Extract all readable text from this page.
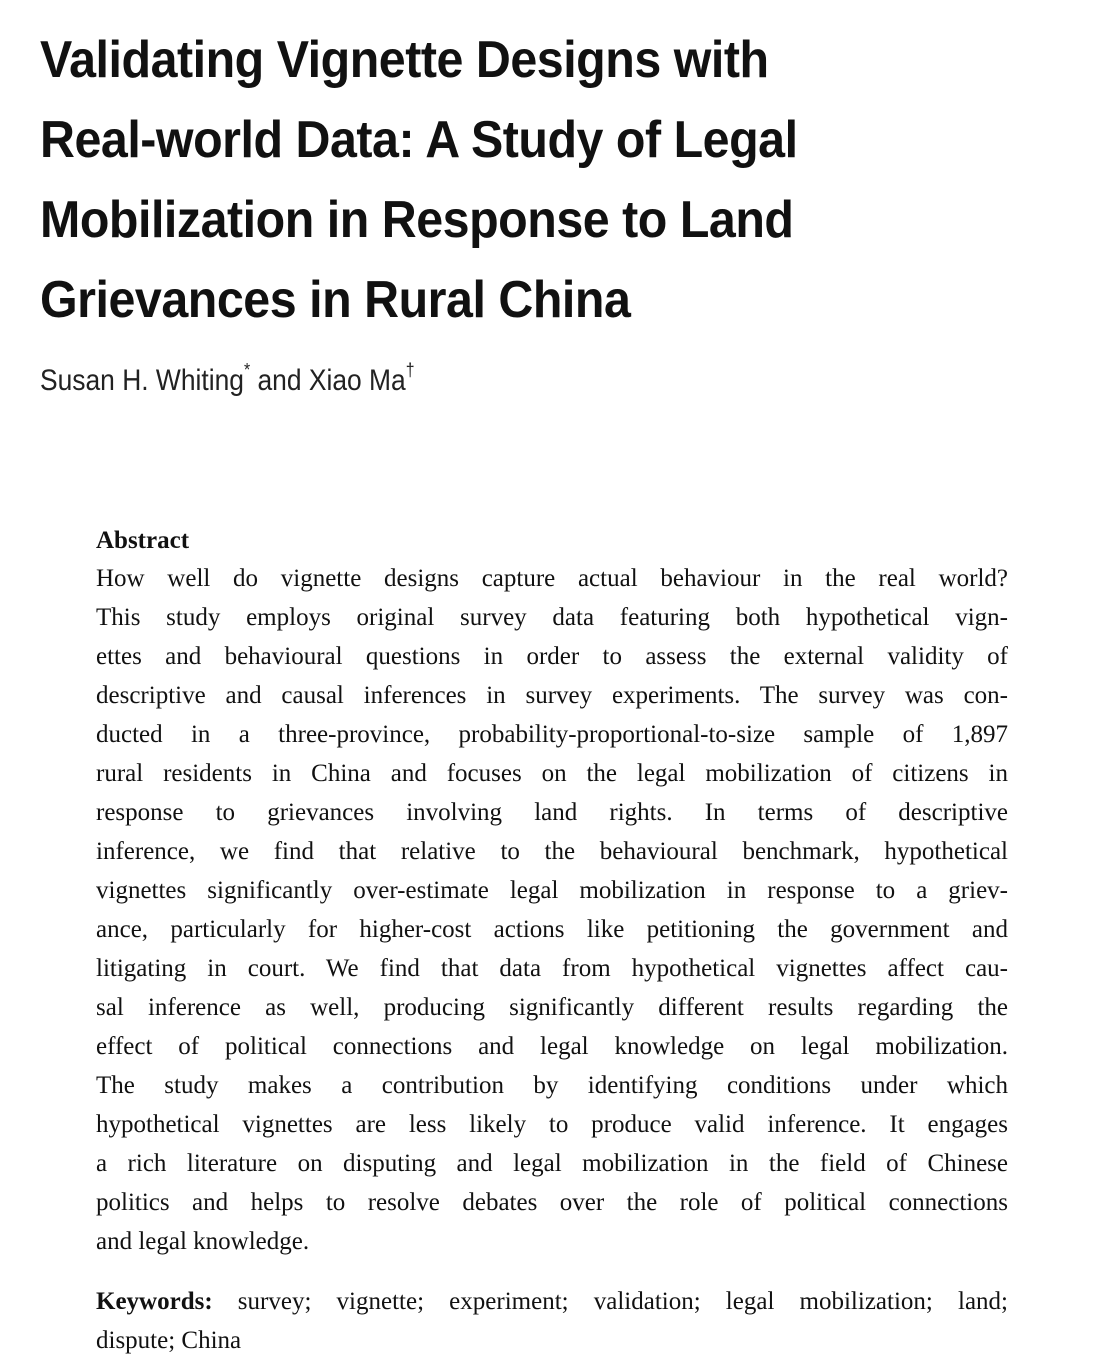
Validating Vignette Designs with
Real-world Data: A Study of Legal
Mobilization in Response to Land
Grievances in Rural China
Susan H. Whiting* and Xiao Ma†
Abstract
How well do vignette designs capture actual behaviour in the real world?
This study employs original survey data featuring both hypothetical vign-
ettes and behavioural questions in order to assess the external validity of
descriptive and causal inferences in survey experiments. The survey was con-
ducted in a three-province, probability-proportional-to-size sample of 1,897
rural residents in China and focuses on the legal mobilization of citizens in
response to grievances involving land rights. In terms of descriptive
inference, we find that relative to the behavioural benchmark, hypothetical
vignettes significantly over-estimate legal mobilization in response to a griev-
ance, particularly for higher-cost actions like petitioning the government and
litigating in court. We find that data from hypothetical vignettes affect cau-
sal inference as well, producing significantly different results regarding the
effect of political connections and legal knowledge on legal mobilization.
The study makes a contribution by identifying conditions under which
hypothetical vignettes are less likely to produce valid inference. It engages
a rich literature on disputing and legal mobilization in the field of Chinese
politics and helps to resolve debates over the role of political connections
and legal knowledge.
Keywords: survey; vignette; experiment; validation; legal mobilization; land;
dispute; China
